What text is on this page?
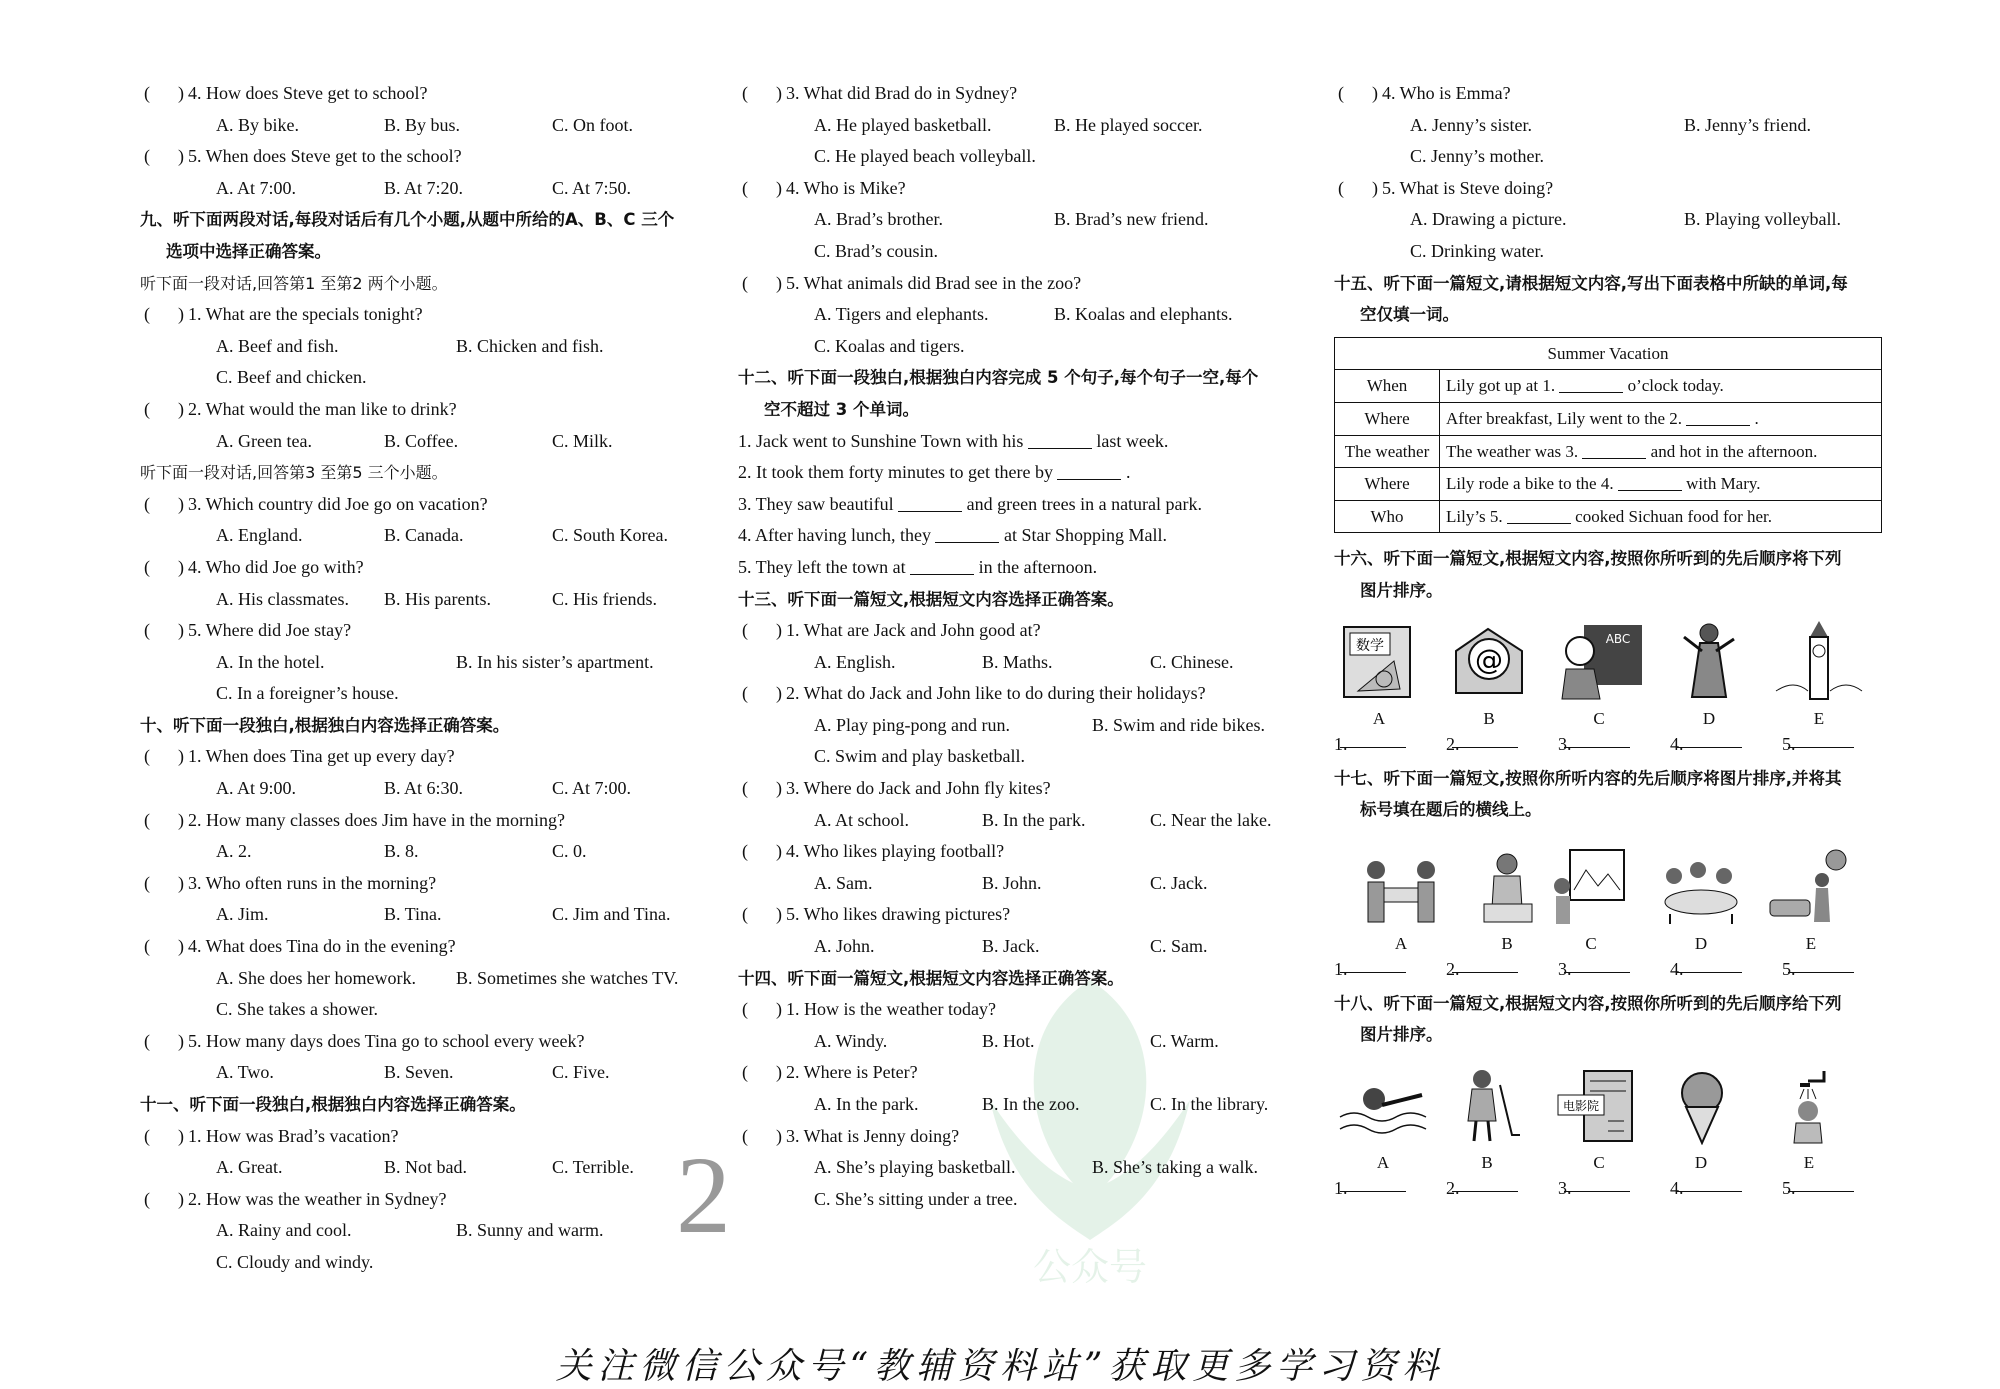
公众号
( ) 4. How does Steve get to school?
A. By bike.	B. By bus.	C. On foot.
( ) 5. When does Steve get to the school?
A. At 7:00.	B. At 7:20.	C. At 7:50.
九、听下面两段对话,每段对话后有几个小题,从题中所给的A、B、C 三个
选项中选择正确答案。
听下面一段对话,回答第1 至第2 两个小题。
( ) 1. What are the specials tonight?
A. Beef and fish.	B. Chicken and fish.
C. Beef and chicken.
( ) 2. What would the man like to drink?
A. Green tea.	B. Coffee.	C. Milk.
听下面一段对话,回答第3 至第5 三个小题。
( ) 3. Which country did Joe go on vacation?
A. England.	B. Canada.	C. South Korea.
( ) 4. Who did Joe go with?
A. His classmates. B. His parents.	C. His friends.
( ) 5. Where did Joe stay?
A. In the hotel.	B. In his sister’s apartment.
C. In a foreigner’s house.
十、听下面一段独白,根据独白内容选择正确答案。
( ) 1. When does Tina get up every day?
A. At 9:00.	B. At 6:30.	C. At 7:00.
( ) 2. How many classes does Jim have in the morning?
A. 2.	B. 8.	C. 0.
( ) 3. Who often runs in the morning?
A. Jim.	B. Tina.	C. Jim and Tina.
( ) 4. What does Tina do in the evening?
A. She does her homework. B. Sometimes she watches TV.
C. She takes a shower.
( ) 5. How many days does Tina go to school every week?
A. Two.	B. Seven.	C. Five.
十一、听下面一段独白,根据独白内容选择正确答案。
( ) 1. How was Brad’s vacation?
A. Great.	B. Not bad.	C. Terrible.
( ) 2. How was the weather in Sydney?
A. Rainy and cool.	B. Sunny and warm.
C. Cloudy and windy.
( ) 3. What did Brad do in Sydney?
A. He played basketball.	B. He played soccer.
C. He played beach volleyball.
( ) 4. Who is Mike?
A. Brad’s brother.	B. Brad’s new friend.
C. Brad’s cousin.
( ) 5. What animals did Brad see in the zoo?
A. Tigers and elephants.	B. Koalas and elephants.
C. Koalas and tigers.
十二、听下面一段独白,根据独白内容完成 5 个句子,每个句子一空,每个
空不超过 3 个单词。
1. Jack went to Sunshine Town with his	last week.
2. It took them forty minutes to get there by	.
3. They saw beautiful	and green trees in a natural park.
4. After having lunch, they	at Star Shopping Mall.
5. They left the town at	in the afternoon.
十三、听下面一篇短文,根据短文内容选择正确答案。
( ) 1. What are Jack and John good at?
A. English.	B. Maths.	C. Chinese.
( ) 2. What do Jack and John like to do during their holidays?
A. Play ping-pong and run.	B. Swim and ride bikes.
C. Swim and play basketball.
( ) 3. Where do Jack and John fly kites?
A. At school.	B. In the park.	C. Near the lake.
( ) 4. Who likes playing football?
A. Sam.	B. John.	C. Jack.
( ) 5. Who likes drawing pictures?
A. John.	B. Jack.	C. Sam.
十四、听下面一篇短文,根据短文内容选择正确答案。
( ) 1. How is the weather today?
A. Windy.	B. Hot.	C. Warm.
( ) 2. Where is Peter?
A. In the park.	B. In the zoo.	C. In the library.
( ) 3. What is Jenny doing?
A. She’s playing basketball.	B. She’s taking a walk.
C. She’s sitting under a tree.
( ) 4. Who is Emma?
A. Jenny’s sister.	B. Jenny’s friend.
C. Jenny’s mother.
( ) 5. What is Steve doing?
A. Drawing a picture.	B. Playing volleyball.
C. Drinking water.
十五、听下面一篇短文,请根据短文内容,写出下面表格中所缺的单词,每
空仅填一词。
Summer Vacation	
When	Lily got up at 1. o’clock today.
Where	After breakfast, Lily went to the 2. .
The weather	The weather was 3. and hot in the afternoon.
Where	Lily rode a bike to the 4. with Mary.
Who	Lily’s 5. cooked Sichuan food for her.
十六、听下面一篇短文,根据短文内容,按照你所听到的先后顺序将下列
图片排序。
数学	@
ABC
A	B	C	D	E
1.	2.	3.	4.	5.
十七、听下面一篇短文,按照你所听内容的先后顺序将图片排序,并将其
标号填在题后的横线上。
A	B	C	D	E
1.	2.	3.	4.	5.
十八、听下面一篇短文,根据短文内容,按照你所听到的先后顺序给下列
图片排序。
电影院
A	B	C	D	E
1.	2.	3.	4.	5.
2
关注微信公众号“教辅资料站”获取更多学习资料
